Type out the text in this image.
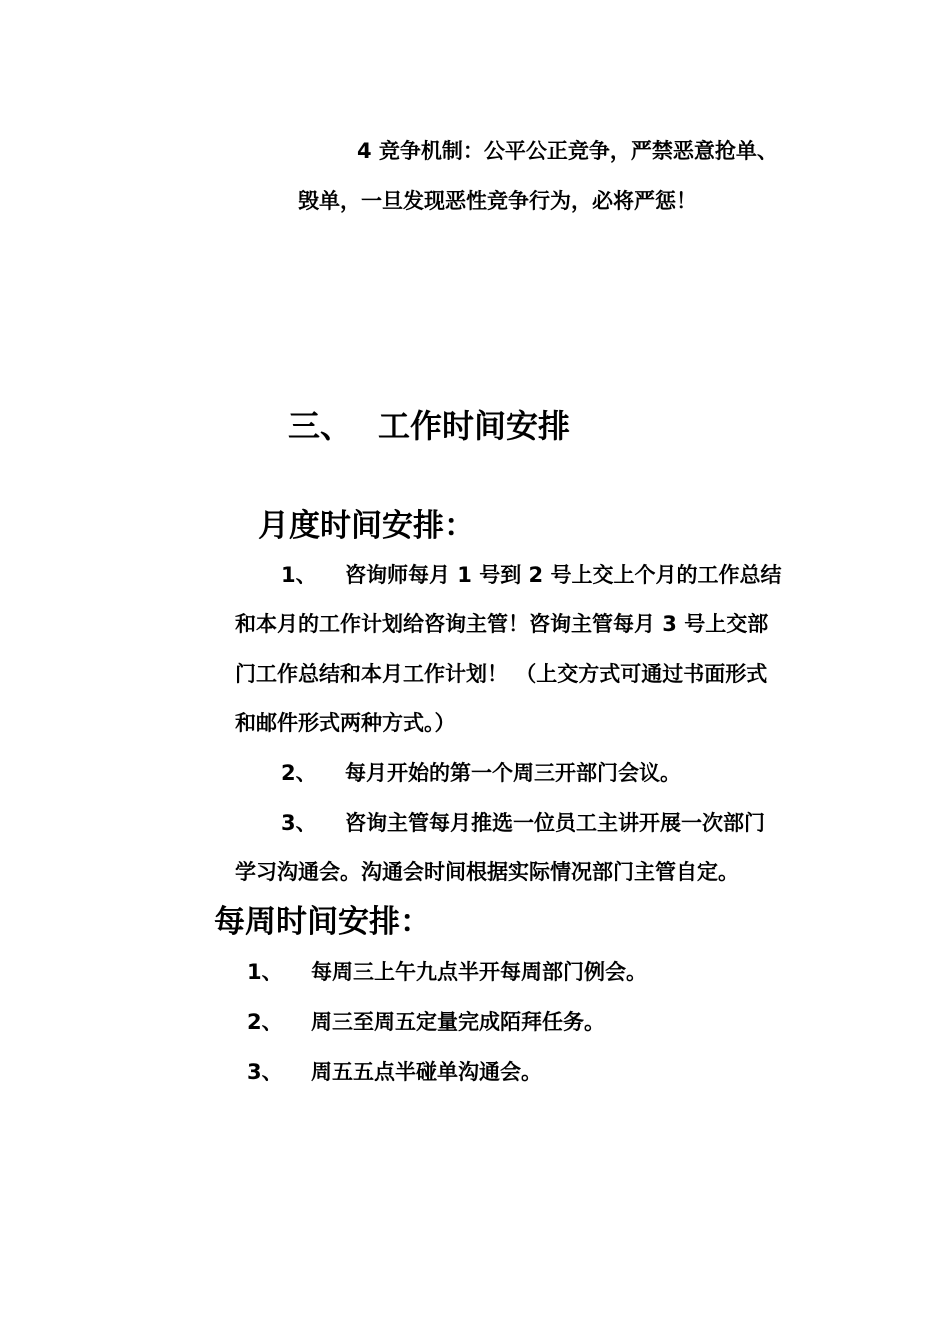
4 竞争机制：公平公正竞争，严禁恶意抢单、
毁单，一旦发现恶性竞争行为，必将严惩！
三、 工作时间安排
月度时间安排：
1、 咨询师每月 1 号到 2 号上交上个月的工作总结
和本月的工作计划给咨询主管！咨询主管每月 3 号上交部
门工作总结和本月工作计划！ （上交方式可通过书面形式
和邮件形式两种方式。）
2、 每月开始的第一个周三开部门会议。
3、 咨询主管每月推选一位员工主讲开展一次部门
学习沟通会。沟通会时间根据实际情况部门主管自定。
每周时间安排：
1、 每周三上午九点半开每周部门例会。
2、 周三至周五定量完成陌拜任务。
3、 周五五点半碰单沟通会。
